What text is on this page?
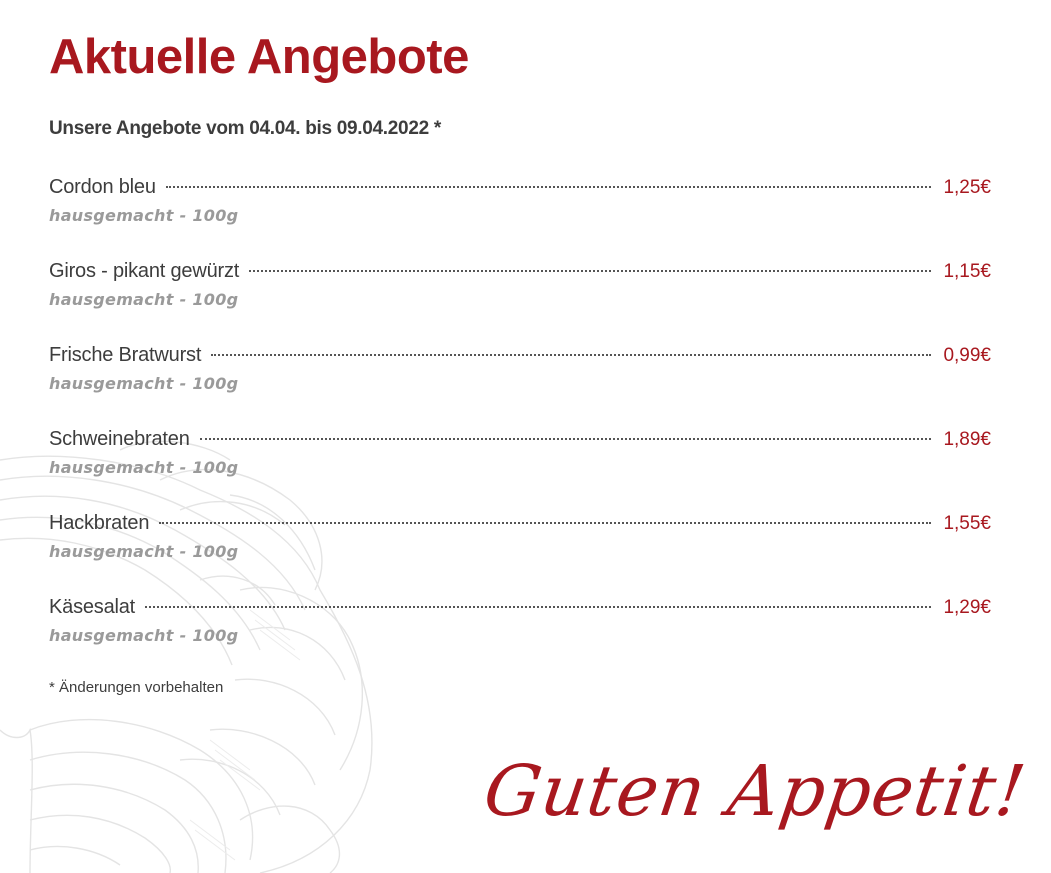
Aktuelle Angebote
Unsere Angebote vom 04.04. bis 09.04.2022 *
Cordon bleu	1,25€
hausgemacht - 100g
Giros - pikant gewürzt	1,15€
hausgemacht - 100g
Frische Bratwurst	0,99€
hausgemacht - 100g
Schweinebraten	1,89€
hausgemacht - 100g
Hackbraten	1,55€
hausgemacht - 100g
Käsesalat	1,29€
hausgemacht - 100g
* Änderungen vorbehalten
Guten Appetit!
